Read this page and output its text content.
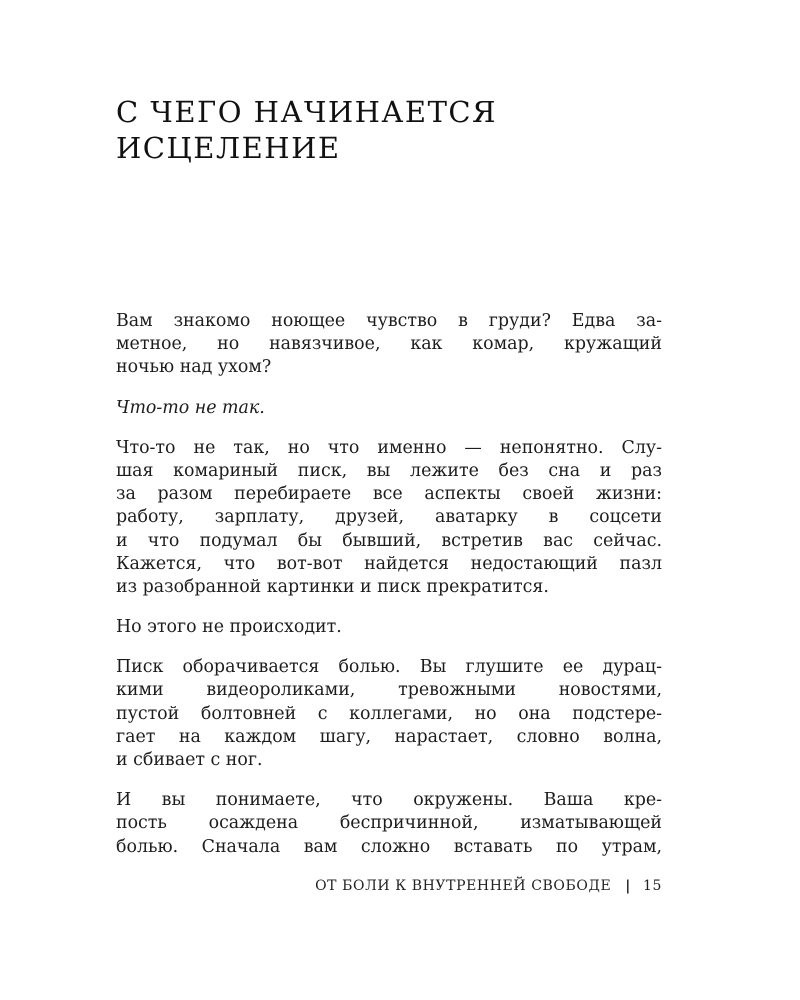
С ЧЕГО НАЧИНАЕТСЯ
ИСЦЕЛЕНИЕ
Вам знакомо ноющее чувство в груди? Едва за-
метное, но навязчивое, как комар, кружащий
ночью над ухом?
Что-то не так.
Что-то не так, но что именно — непонятно. Слу-
шая комариный писк, вы лежите без сна и раз
за разом перебираете все аспекты своей жизни:
работу, зарплату, друзей, аватарку в соцсети
и что подумал бы бывший, встретив вас сейчас.
Кажется, что вот-вот найдется недостающий пазл
из разобранной картинки и писк прекратится.
Но этого не происходит.
Писк оборачивается болью. Вы глушите ее дурац-
кими видеороликами, тревожными новостями,
пустой болтовней с коллегами, но она подстере-
гает на каждом шагу, нарастает, словно волна,
и сбивает с ног.
И вы понимаете, что окружены. Ваша кре-
пость осаждена беспричинной, изматывающей
болью. Сначала вам сложно вставать по утрам,
ОТ БОЛИ К ВНУТРЕННЕЙ СВОБОДЕ | 15
